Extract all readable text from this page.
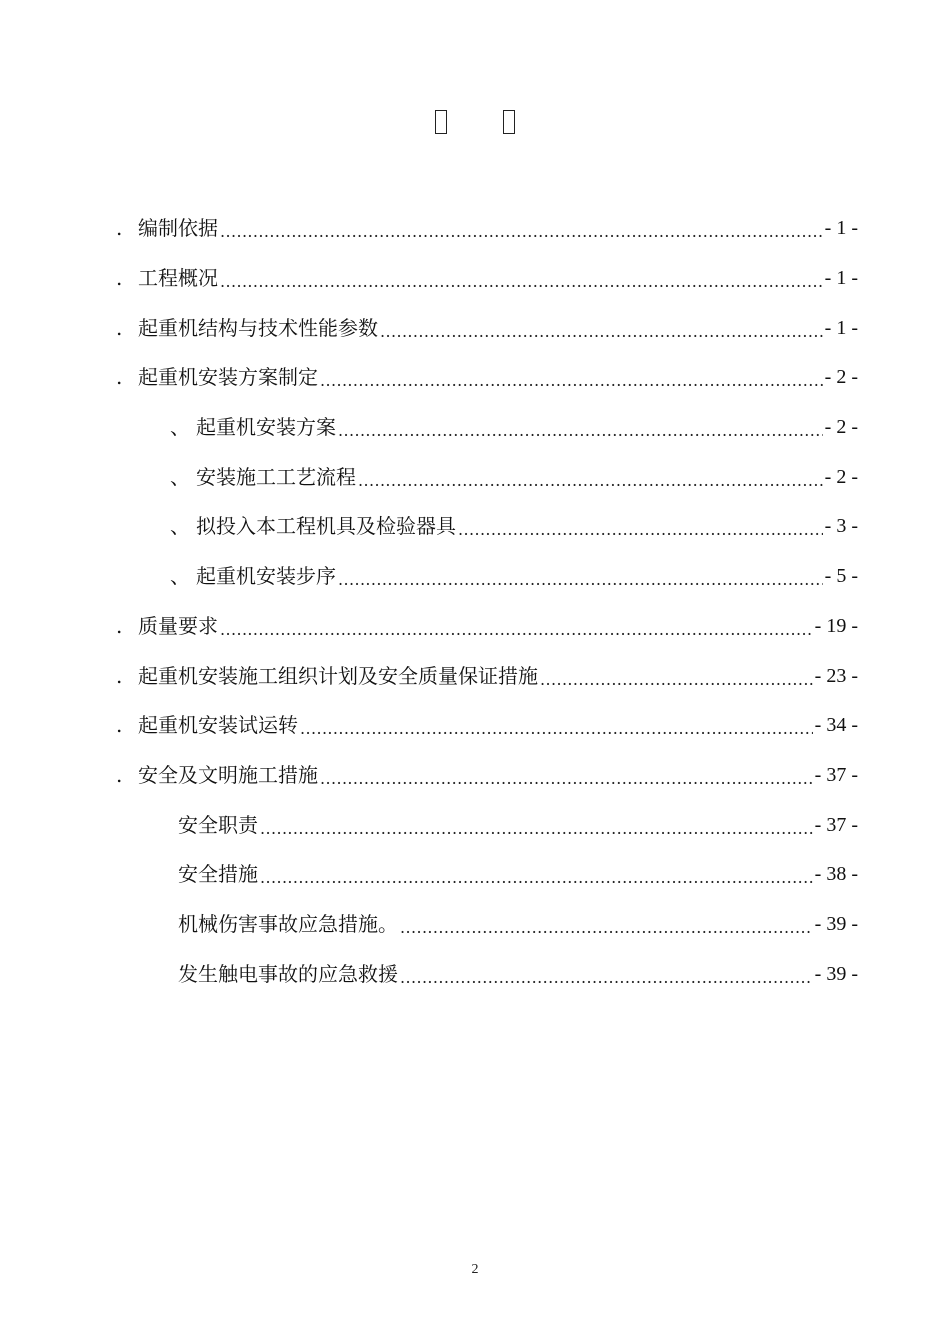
. 编制依据 .....	- 1 -
. 工程概况 .....	- 1 -
. 起重机结构与技术性能参数 .....	- 1 -
. 起重机安装方案制定 .....	- 2 -
、 起重机安装方案 .....	- 2 -
、 安装施工工艺流程 .....	- 2 -
、 拟投入本工程机具及检验器具 .....	- 3 -
、 起重机安装步序 .....	- 5 -
. 质量要求 .....	- 19 -
. 起重机安装施工组织计划及安全质量保证措施 .....	- 23 -
. 起重机安装试运转 .....	- 34 -
. 安全及文明施工措施 .....	- 37 -
安全职责 .....	- 37 -
安全措施 .....	- 38 -
机械伤害事故应急措施。 .....	- 39 -
发生触电事故的应急救援 .....	- 39 -
2
